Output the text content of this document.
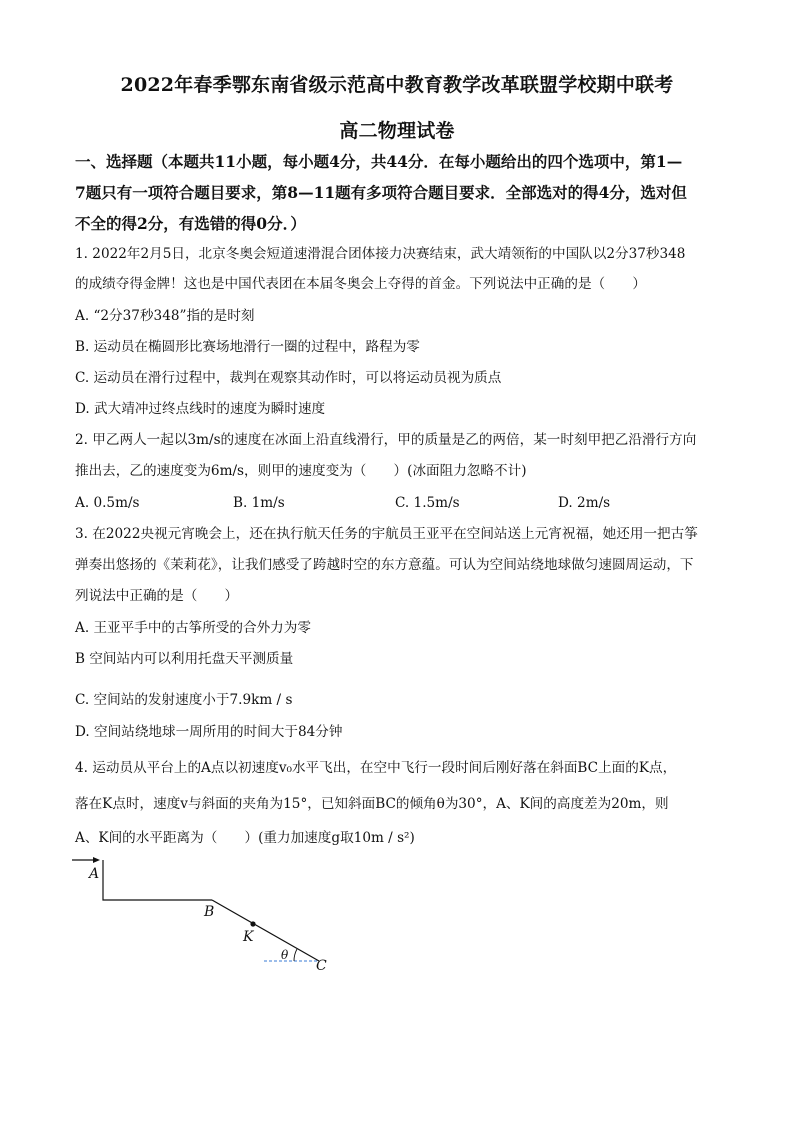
2022年春季鄂东南省级示范高中教育教学改革联盟学校期中联考
高二物理试卷
一、选择题（本题共11小题，每小题4分，共44分．在每小题给出的四个选项中，第1—
7题只有一项符合题目要求，第8—11题有多项符合题目要求．全部选对的得4分，选对但
不全的得2分，有选错的得0分．）
1. 2022年2月5日，北京冬奥会短道速滑混合团体接力决赛结束，武大靖领衔的中国队以2分37秒348
的成绩夺得金牌！这也是中国代表团在本届冬奥会上夺得的首金。下列说法中正确的是（　　）
A. “2分37秒348”指的是时刻
B. 运动员在椭圆形比赛场地滑行一圈的过程中，路程为零
C. 运动员在滑行过程中，裁判在观察其动作时，可以将运动员视为质点
D. 武大靖冲过终点线时的速度为瞬时速度
2. 甲乙两人一起以3m/s的速度在冰面上沿直线滑行，甲的质量是乙的两倍，某一时刻甲把乙沿滑行方向
推出去，乙的速度变为6m/s，则甲的速度变为（　　）(冰面阻力忽略不计)
A. 0.5m/s	B. 1m/s	C. 1.5m/s	D. 2m/s
3. 在2022央视元宵晚会上，还在执行航天任务的宇航员王亚平在空间站送上元宵祝福，她还用一把古筝
弹奏出悠扬的《茉莉花》，让我们感受了跨越时空的东方意蕴。可认为空间站绕地球做匀速圆周运动，下
列说法中正确的是（　　）
A. 王亚平手中的古筝所受的合外力为零
B 空间站内可以利用托盘天平测质量
C. 空间站的发射速度小于7.9km / s
D. 空间站绕地球一周所用的时间大于84分钟
4. 运动员从平台上的A点以初速度v₀水平飞出，在空中飞行一段时间后刚好落在斜面BC上面的K点，
落在K点时，速度v与斜面的夹角为15°，已知斜面BC的倾角θ为30°，A、K间的高度差为20m，则
A、K间的水平距离为（　　）(重力加速度g取10m / s²)
A
B
K
θ
C
